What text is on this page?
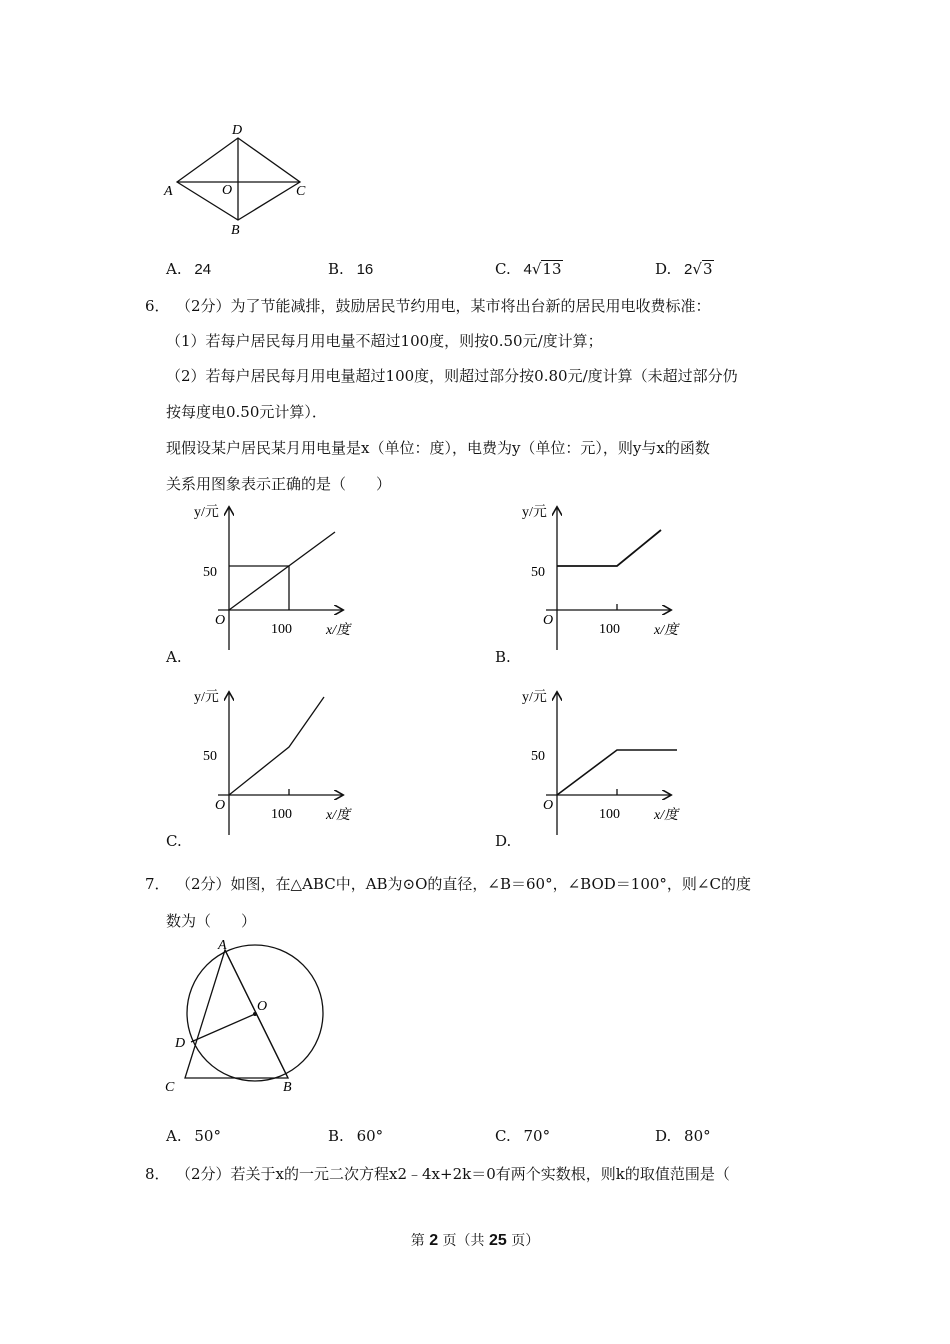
D
A	O	C
B
A. 24	B. 16	C. 4√13	D. 2√3
6． （2分）为了节能减排，鼓励居民节约用电，某市将出台新的居民用电收费标准：
（1）若每户居民每月用电量不超过100度，则按0.50元/度计算；
（2）若每户居民每月用电量超过100度，则超过部分按0.80元/度计算（未超过部分仍
按每度电0.50元计算）．
现假设某户居民某月用电量是x（单位：度），电费为y（单位：元），则y与x的函数
关系用图象表示正确的是（　　）
y/元
50
O
100 x/度
A.
y/元
50
O
100 x/度
B.
y/元
50
O
100 x/度
C.
y/元
50
O
100 x/度
D.
7． （2分）如图，在△ABC中，AB为⊙O的直径，∠B＝60°，∠BOD＝100°，则∠C的度
数为（　　）
A
O
D
C	B
A. 50°	B. 60°	C. 70°	D. 80°
8． （2分）若关于x的一元二次方程x2﹣4x+2k＝0有两个实数根，则k的取值范围是（
第 2 页（共 25 页）
